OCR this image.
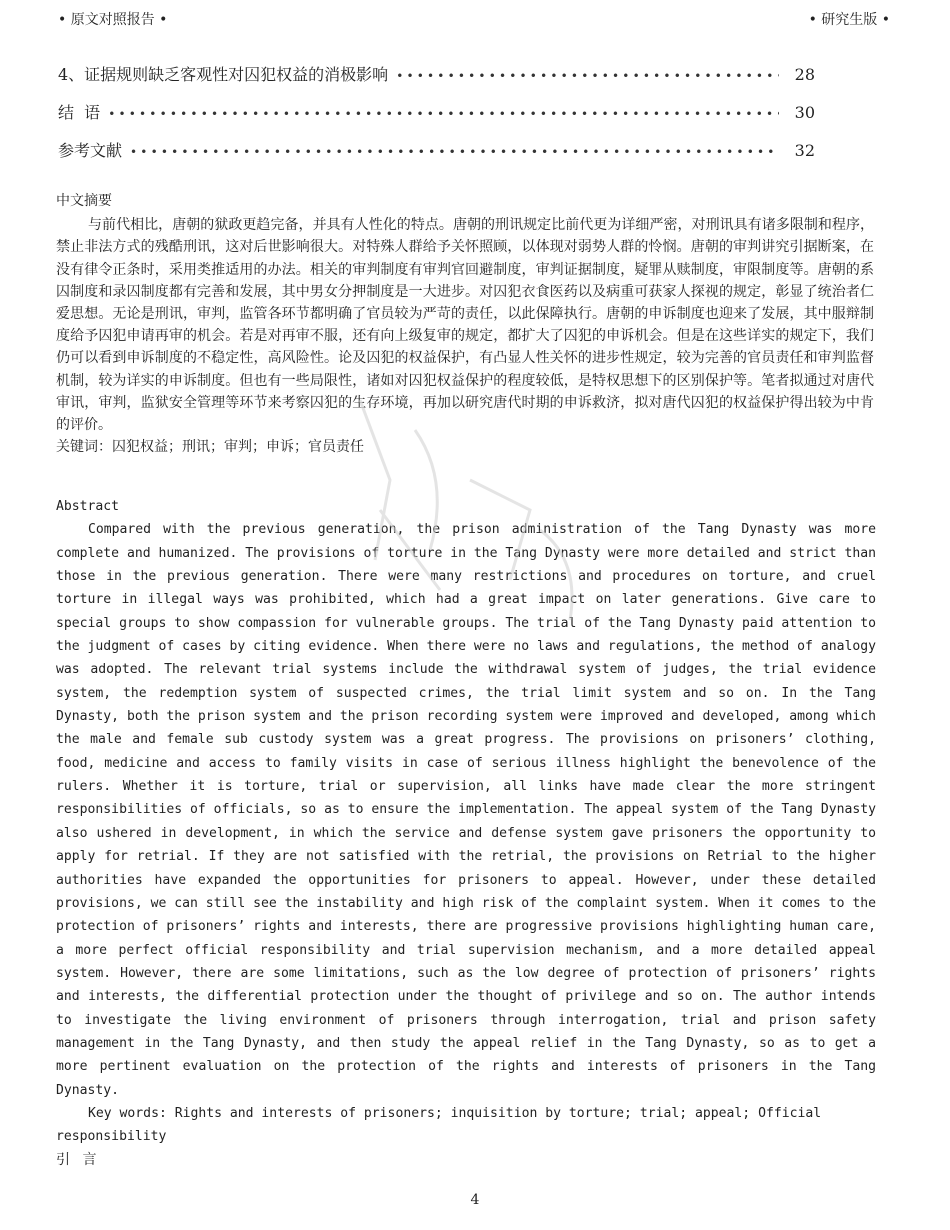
• 原文对照报告 •	• 研究生版 •
4、证据规则缺乏客观性对囚犯权益的消极影响 •••••	28
结  语 •••••	30
参考文献 •••••	32

中文摘要

与前代相比，唐朝的狱政更趋完备，并具有人性化的特点。唐朝的刑讯规定比前代更为详细严密，对刑讯具有诸多限制和程序，禁止非法方式的残酷刑讯，这对后世影响很大。对特殊人群给予关怀照顾，以体现对弱势人群的怜悯。唐朝的审判讲究引据断案，在没有律令正条时，采用类推适用的办法。相关的审判制度有审判官回避制度，审判证据制度，疑罪从赎制度，审限制度等。唐朝的系囚制度和录囚制度都有完善和发展，其中男女分押制度是一大进步。对囚犯衣食医药以及病重可获家人探视的规定，彰显了统治者仁爱思想。无论是刑讯，审判，监管各环节都明确了官员较为严苛的责任，以此保障执行。唐朝的申诉制度也迎来了发展，其中服辩制度给予囚犯申请再审的机会。若是对再审不服，还有向上级复审的规定，都扩大了囚犯的申诉机会。但是在这些详实的规定下，我们仍可以看到申诉制度的不稳定性，高风险性。论及囚犯的权益保护，有凸显人性关怀的进步性规定，较为完善的官员责任和审判监督机制，较为详实的申诉制度。但也有一些局限性，诸如对囚犯权益保护的程度较低，是特权思想下的区别保护等。笔者拟通过对唐代审讯，审判，监狱安全管理等环节来考察囚犯的生存环境，再加以研究唐代时期的申诉救济，拟对唐代囚犯的权益保护得出较为中肯的评价。

关键词：囚犯权益；刑讯；审判；申诉；官员责任

Abstract

Compared with the previous generation, the prison administration of the Tang Dynasty was more complete and humanized. The provisions of torture in the Tang Dynasty were more detailed and strict than those in the previous generation. There were many restrictions and procedures on torture, and cruel torture in illegal ways was prohibited, which had a great impact on later generations. Give care to special groups to show compassion for vulnerable groups. The trial of the Tang Dynasty paid attention to the judgment of cases by citing evidence. When there were no laws and regulations, the method of analogy was adopted. The relevant trial systems include the withdrawal system of judges, the trial evidence system, the redemption system of suspected crimes, the trial limit system and so on. In the Tang Dynasty, both the prison system and the prison recording system were improved and developed, among which the male and female sub custody system was a great progress. The provisions on prisoners’ clothing, food, medicine and access to family visits in case of serious illness highlight the benevolence of the rulers. Whether it is torture, trial or supervision, all links have made clear the more stringent responsibilities of officials, so as to ensure the implementation. The appeal system of the Tang Dynasty also ushered in development, in which the service and defense system gave prisoners the opportunity to apply for retrial. If they are not satisfied with the retrial, the provisions on Retrial to the higher authorities have expanded the opportunities for prisoners to appeal. However, under these detailed provisions, we can still see the instability and high risk of the complaint system. When it comes to the protection of prisoners’ rights and interests, there are progressive provisions highlighting human care, a more perfect official responsibility and trial supervision mechanism, and a more detailed appeal system. However, there are some limitations, such as the low degree of protection of prisoners’ rights and interests, the differential protection under the thought of privilege and so on. The author intends to investigate the living environment of prisoners through interrogation, trial and prison safety management in the Tang Dynasty, and then study the appeal relief in the Tang Dynasty, so as to get a more pertinent evaluation on the protection of the rights and interests of prisoners in the Tang Dynasty.

Key words: Rights and interests of prisoners; inquisition by torture; trial; appeal; Official responsibility

引 言

4
